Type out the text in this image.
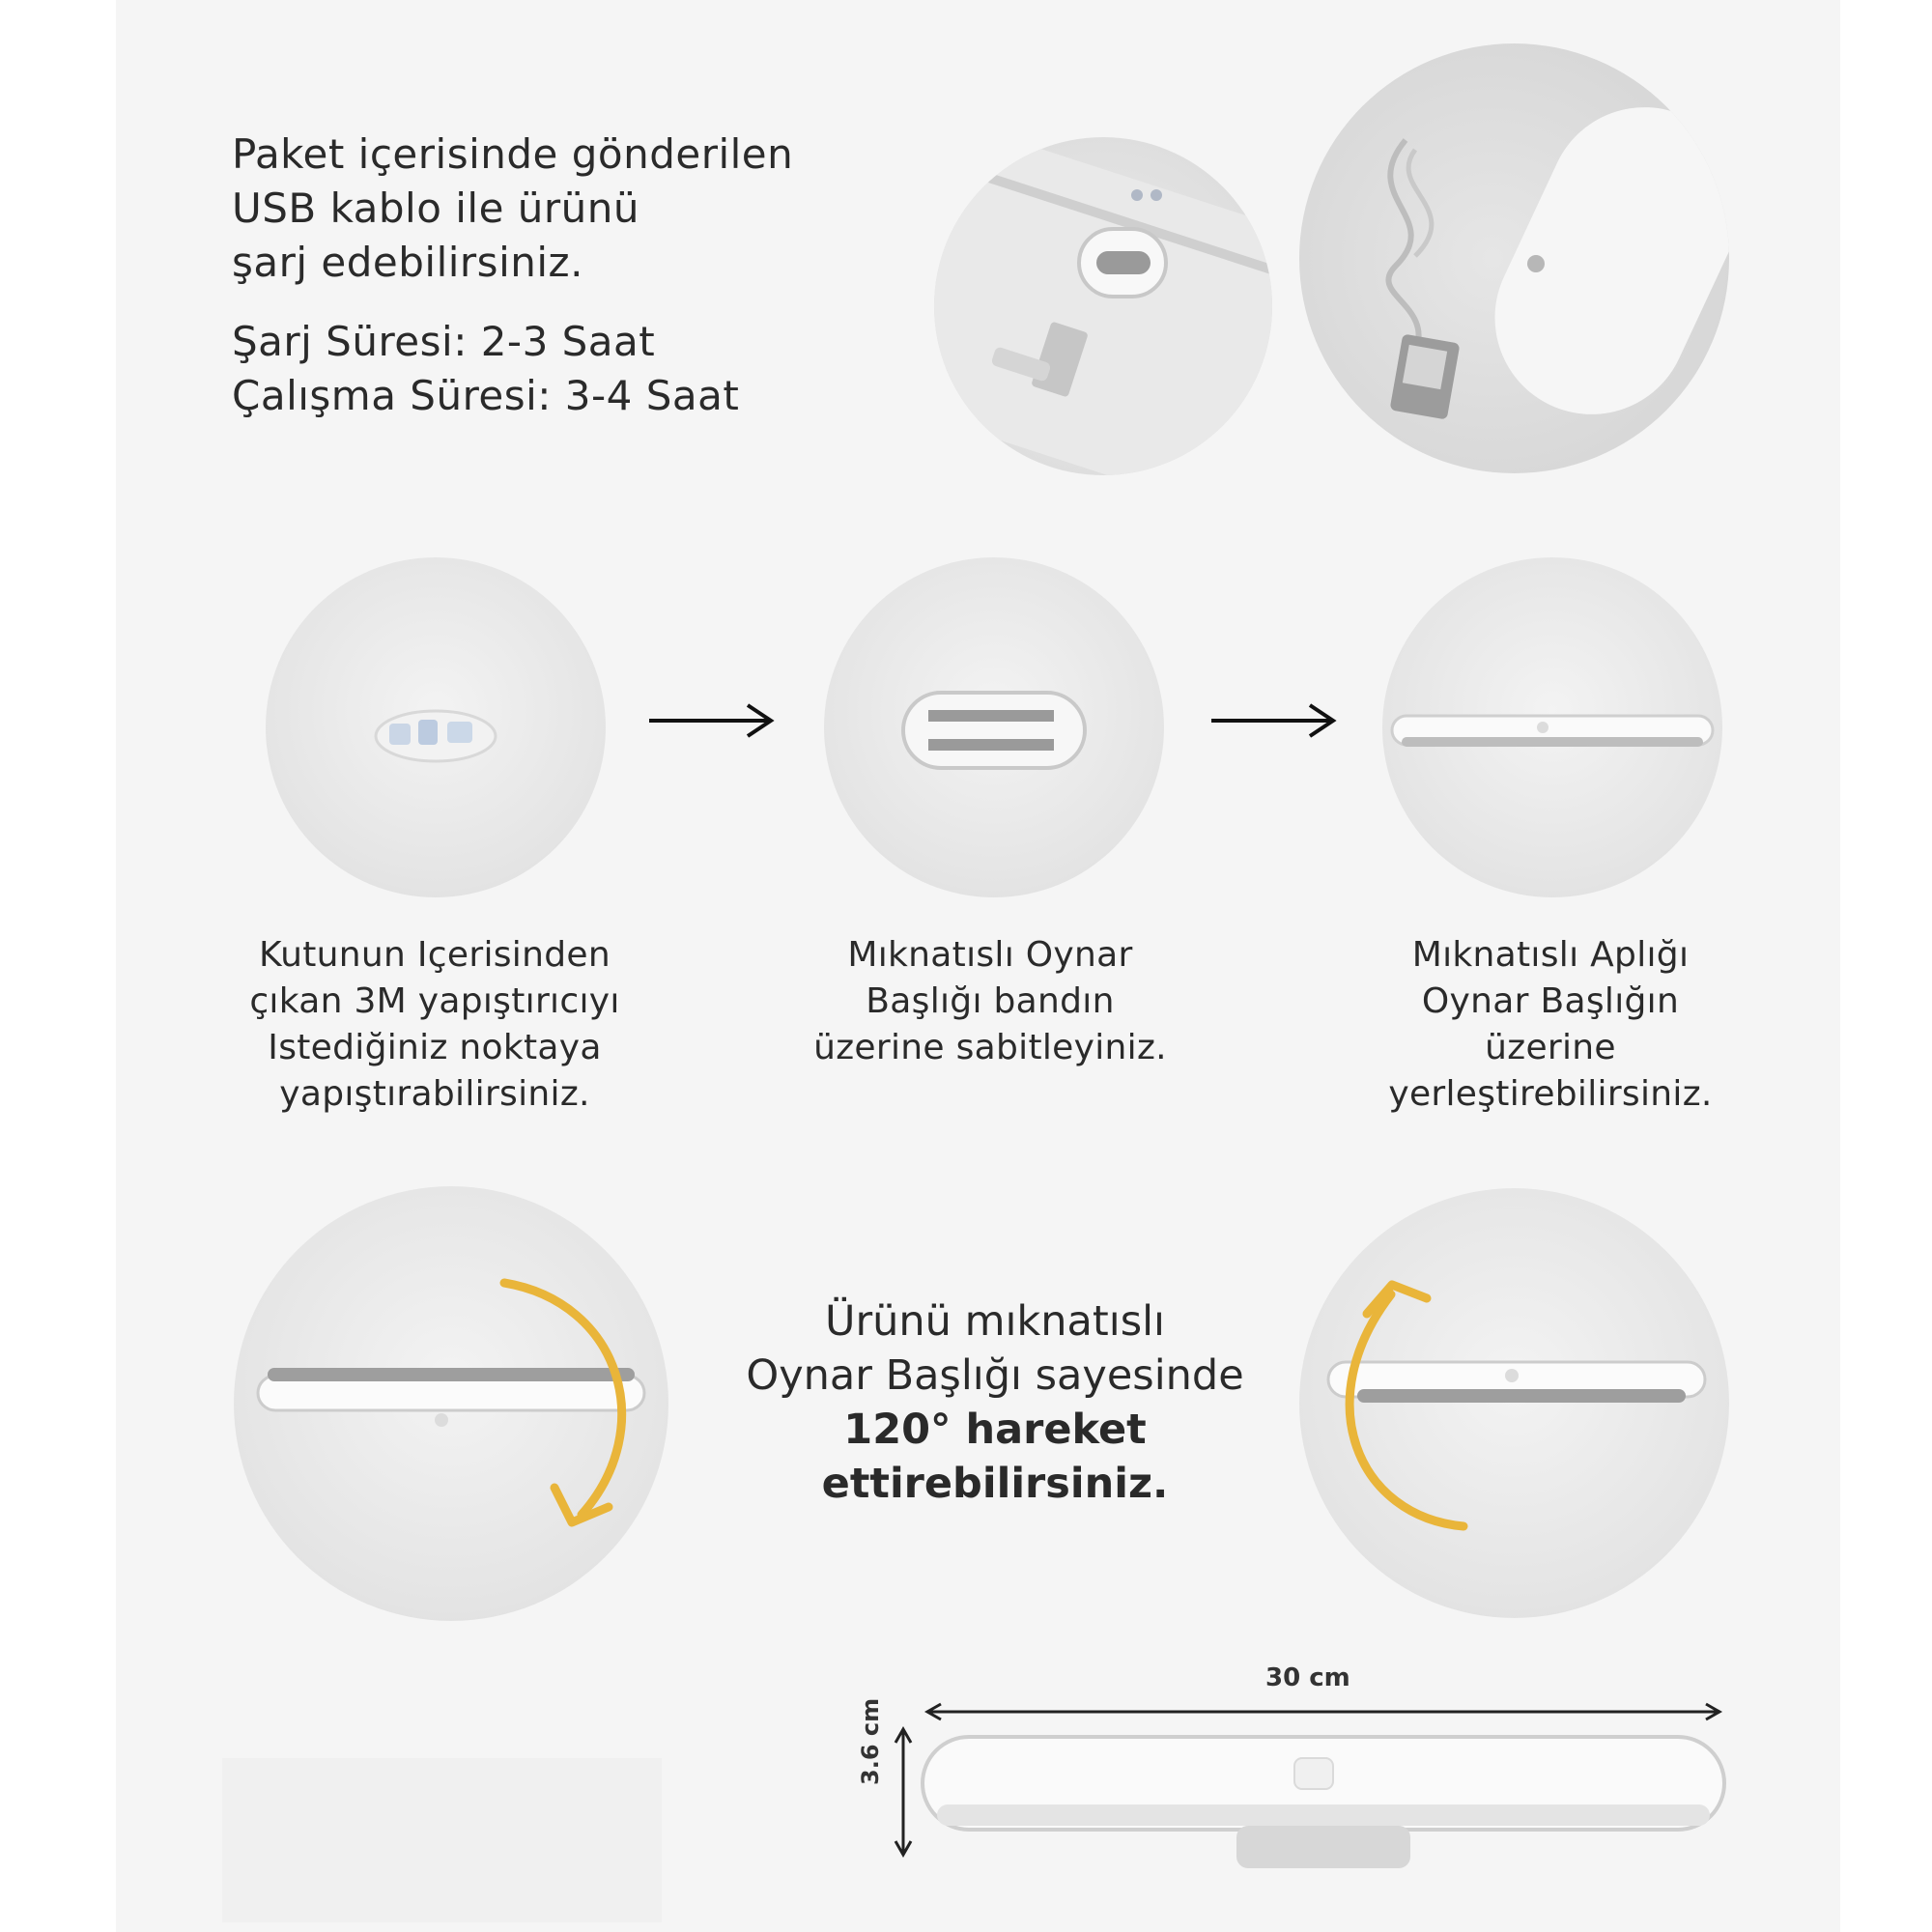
Paket içerisinde gönderilen

USB kablo ile ürünü

şarj edebilirsiniz.

Şarj Süresi: 2-3 Saat

Çalışma Süresi: 3-4 Saat

Kutunun Içerisinden
çıkan 3M yapıştırıcıyı
Istediğiniz noktaya
yapıştırabilirsiniz.
Mıknatıslı Oynar
Başlığı bandın
üzerine sabitleyiniz.
Mıknatıslı Aplığı
Oynar Başlığın
üzerine
yerleştirebilirsiniz.
Ürünü mıknatıslı
Oynar Başlığı sayesinde
120° hareket
ettirebilirsiniz.
30 cm
3.6 cm
